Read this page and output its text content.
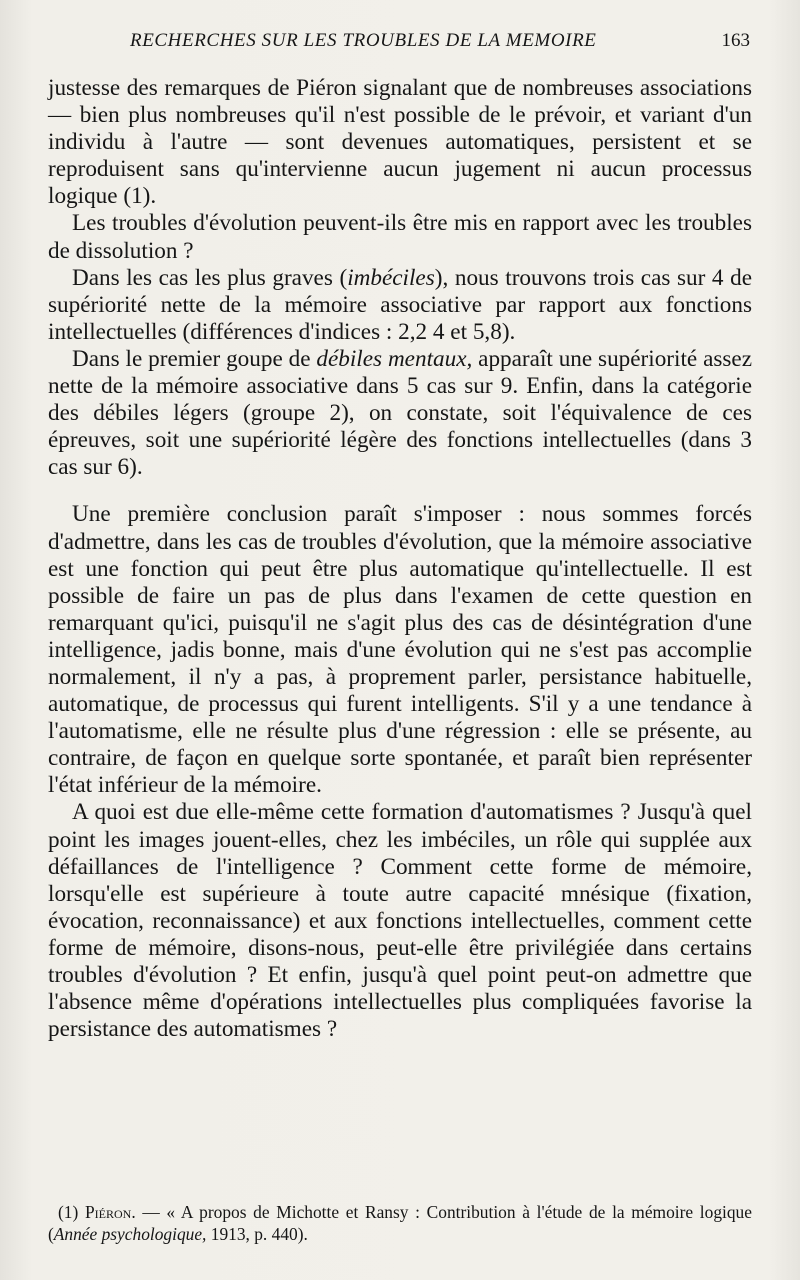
RECHERCHES SUR LES TROUBLES DE LA MEMOIRE	163

justesse des remarques de Piéron signalant que de nombreuses associations — bien plus nombreuses qu'il n'est possible de le prévoir, et variant d'un individu à l'autre — sont devenues automatiques, persistent et se reproduisent sans qu'intervienne aucun jugement ni aucun processus logique (1).

Les troubles d'évolution peuvent-ils être mis en rapport avec les troubles de dissolution ?

Dans les cas les plus graves (imbéciles), nous trouvons trois cas sur 4 de supériorité nette de la mémoire associative par rapport aux fonctions intellectuelles (différences d'indices : 2,2 4 et 5,8).

Dans le premier goupe de débiles mentaux, apparaît une supériorité assez nette de la mémoire associative dans 5 cas sur 9. Enfin, dans la catégorie des débiles légers (groupe 2), on constate, soit l'équivalence de ces épreuves, soit une supériorité légère des fonctions intellectuelles (dans 3 cas sur 6).

Une première conclusion paraît s'imposer : nous sommes forcés d'admettre, dans les cas de troubles d'évolution, que la mémoire associative est une fonction qui peut être plus automatique qu'intellectuelle. Il est possible de faire un pas de plus dans l'examen de cette question en remarquant qu'ici, puisqu'il ne s'agit plus des cas de désintégration d'une intelligence, jadis bonne, mais d'une évolution qui ne s'est pas accomplie normalement, il n'y a pas, à proprement parler, persistance habituelle, automatique, de processus qui furent intelligents. S'il y a une tendance à l'automatisme, elle ne résulte plus d'une régression : elle se présente, au contraire, de façon en quelque sorte spontanée, et paraît bien représenter l'état inférieur de la mémoire.

A quoi est due elle-même cette formation d'automatismes ? Jusqu'à quel point les images jouent-elles, chez les imbéciles, un rôle qui supplée aux défaillances de l'intelligence ? Comment cette forme de mémoire, lorsqu'elle est supérieure à toute autre capacité mnésique (fixation, évocation, reconnaissance) et aux fonctions intellectuelles, comment cette forme de mémoire, disons-nous, peut-elle être privilégiée dans certains troubles d'évolution ? Et enfin, jusqu'à quel point peut-on admettre que l'absence même d'opérations intellectuelles plus compliquées favorise la persistance des automatismes ?

(1) Piéron. — « A propos de Michotte et Ransy : Contribution à l'étude de la mémoire logique (Année psychologique, 1913, p. 440).
